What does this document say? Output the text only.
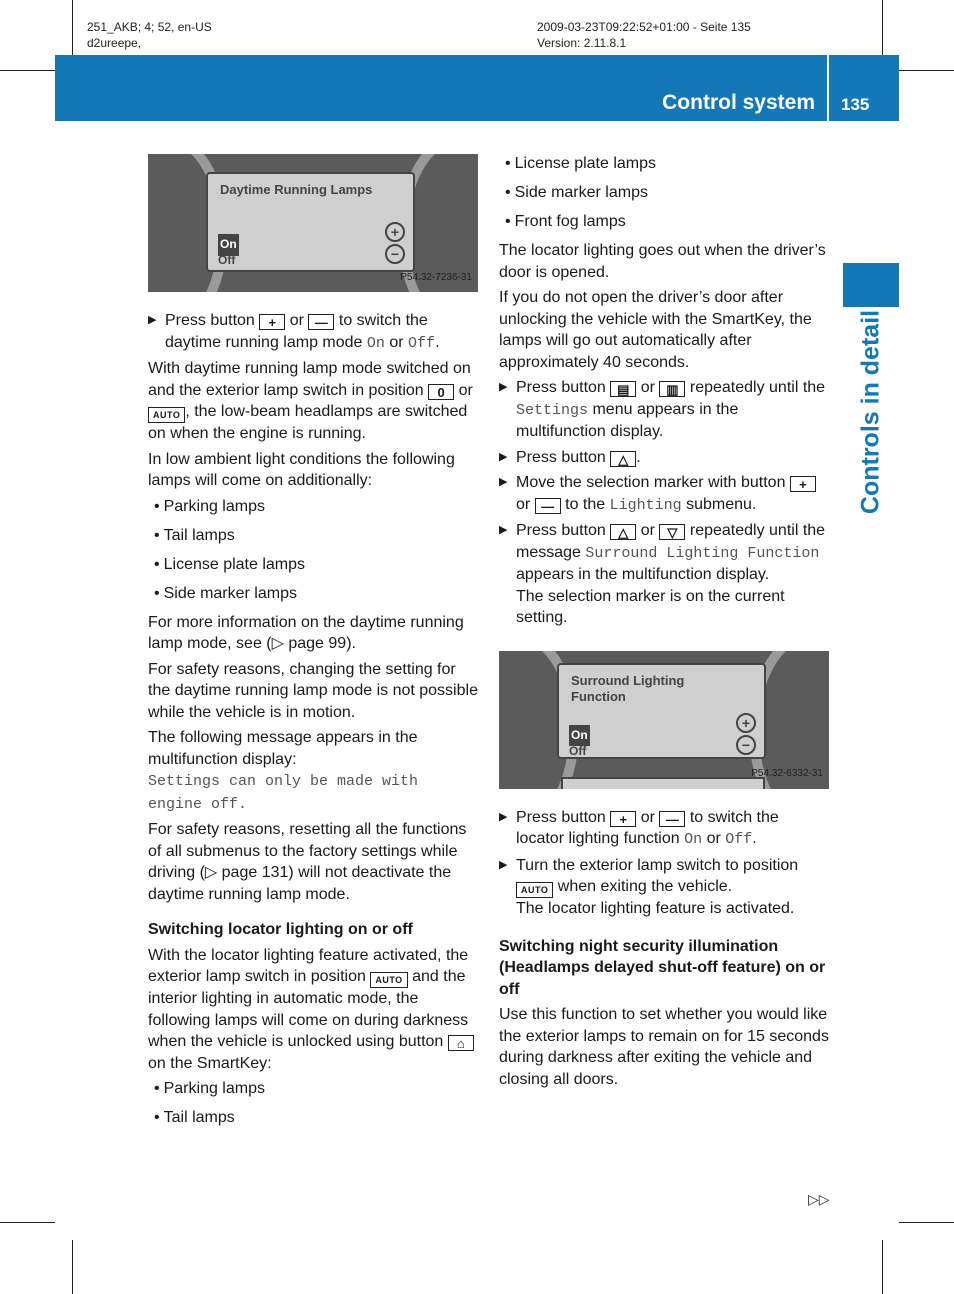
251_AKB; 4; 52, en-US
d2ureepe,
2009-03-23T09:22:52+01:00 - Seite 135
Version: 2.11.8.1
Control system 135
Controls in detail
Daytime Running Lamps
On
Off
+
−
P54.32-7236-31
▶ Press button + or — to switch the daytime running lamp mode On or Off.

With daytime running lamp mode switched on and the exterior lamp switch in position 0 or AUTO , the low-beam headlamps are switched on when the engine is running.

In low ambient light conditions the following lamps will come on additionally:

• Parking lamps
• Tail lamps
• License plate lamps
• Side marker lamps

For more information on the daytime running lamp mode, see (▷ page 99).

For safety reasons, changing the setting for the daytime running lamp mode is not possible while the vehicle is in motion.

The following message appears in the multifunction display:
Settings can only be made with engine off.

For safety reasons, resetting all the functions of all submenus to the factory settings while driving (▷ page 131) will not deactivate the daytime running lamp mode.

Switching locator lighting on or off

With the locator lighting feature activated, the exterior lamp switch in position AUTO and the interior lighting in automatic mode, the following lamps will come on during darkness when the vehicle is unlocked using button ⌂ on the SmartKey:

• Parking lamps
• Tail lamps
• License plate lamps
• Side marker lamps
• Front fog lamps

The locator lighting goes out when the driver’s door is opened.

If you do not open the driver’s door after unlocking the vehicle with the SmartKey, the lamps will go out automatically after approximately 40 seconds.

▶ Press button ▤ or ▥ repeatedly until the Settings menu appears in the multifunction display.
▶ Press button △ .
▶ Move the selection marker with button + or — to the Lighting submenu.
▶ Press button △ or ▽ repeatedly until the message Surround Lighting Function appears in the multifunction display.
The selection marker is on the current setting.
Surround Lighting Function
On
Off
+
−
P54.32-6332-31
▶ Press button + or — to switch the locator lighting function On or Off.
▶ Turn the exterior lamp switch to position AUTO when exiting the vehicle.
The locator lighting feature is activated.
Switching night security illumination (Headlamps delayed shut-off feature) on or off

Use this function to set whether you would like the exterior lamps to remain on for 15 seconds during darkness after exiting the vehicle and closing all doors.

▷▷
